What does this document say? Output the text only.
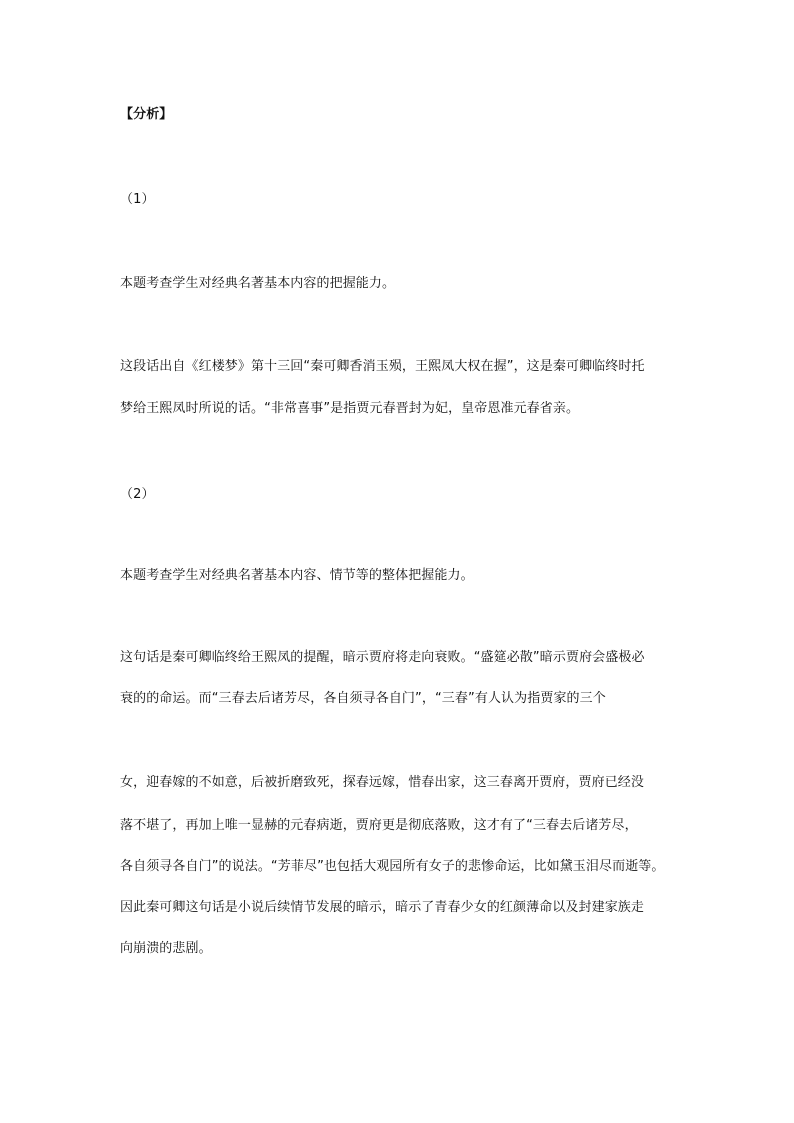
【分析】

（1）

本题考查学生对经典名著基本内容的把握能力。

这段话出自《红楼梦》第十三回“秦可卿香消玉殒，王熙凤大权在握”，这是秦可卿临终时托

梦给王熙凤时所说的话。“非常喜事”是指贾元春晋封为妃，皇帝恩准元春省亲。

（2）

本题考查学生对经典名著基本内容、情节等的整体把握能力。

这句话是秦可卿临终给王熙凤的提醒，暗示贾府将走向衰败。“盛筵必散”暗示贾府会盛极必

衰的的命运。而“三春去后诸芳尽，各自须寻各自门”，“三春”有人认为指贾家的三个

女，迎春嫁的不如意，后被折磨致死，探春远嫁，惜春出家，这三春离开贾府，贾府已经没

落不堪了，再加上唯一显赫的元春病逝，贾府更是彻底落败，这才有了“三春去后诸芳尽，

各自须寻各自门”的说法。“芳菲尽”也包括大观园所有女子的悲惨命运，比如黛玉泪尽而逝等。

因此秦可卿这句话是小说后续情节发展的暗示，暗示了青春少女的红颜薄命以及封建家族走

向崩溃的悲剧。
